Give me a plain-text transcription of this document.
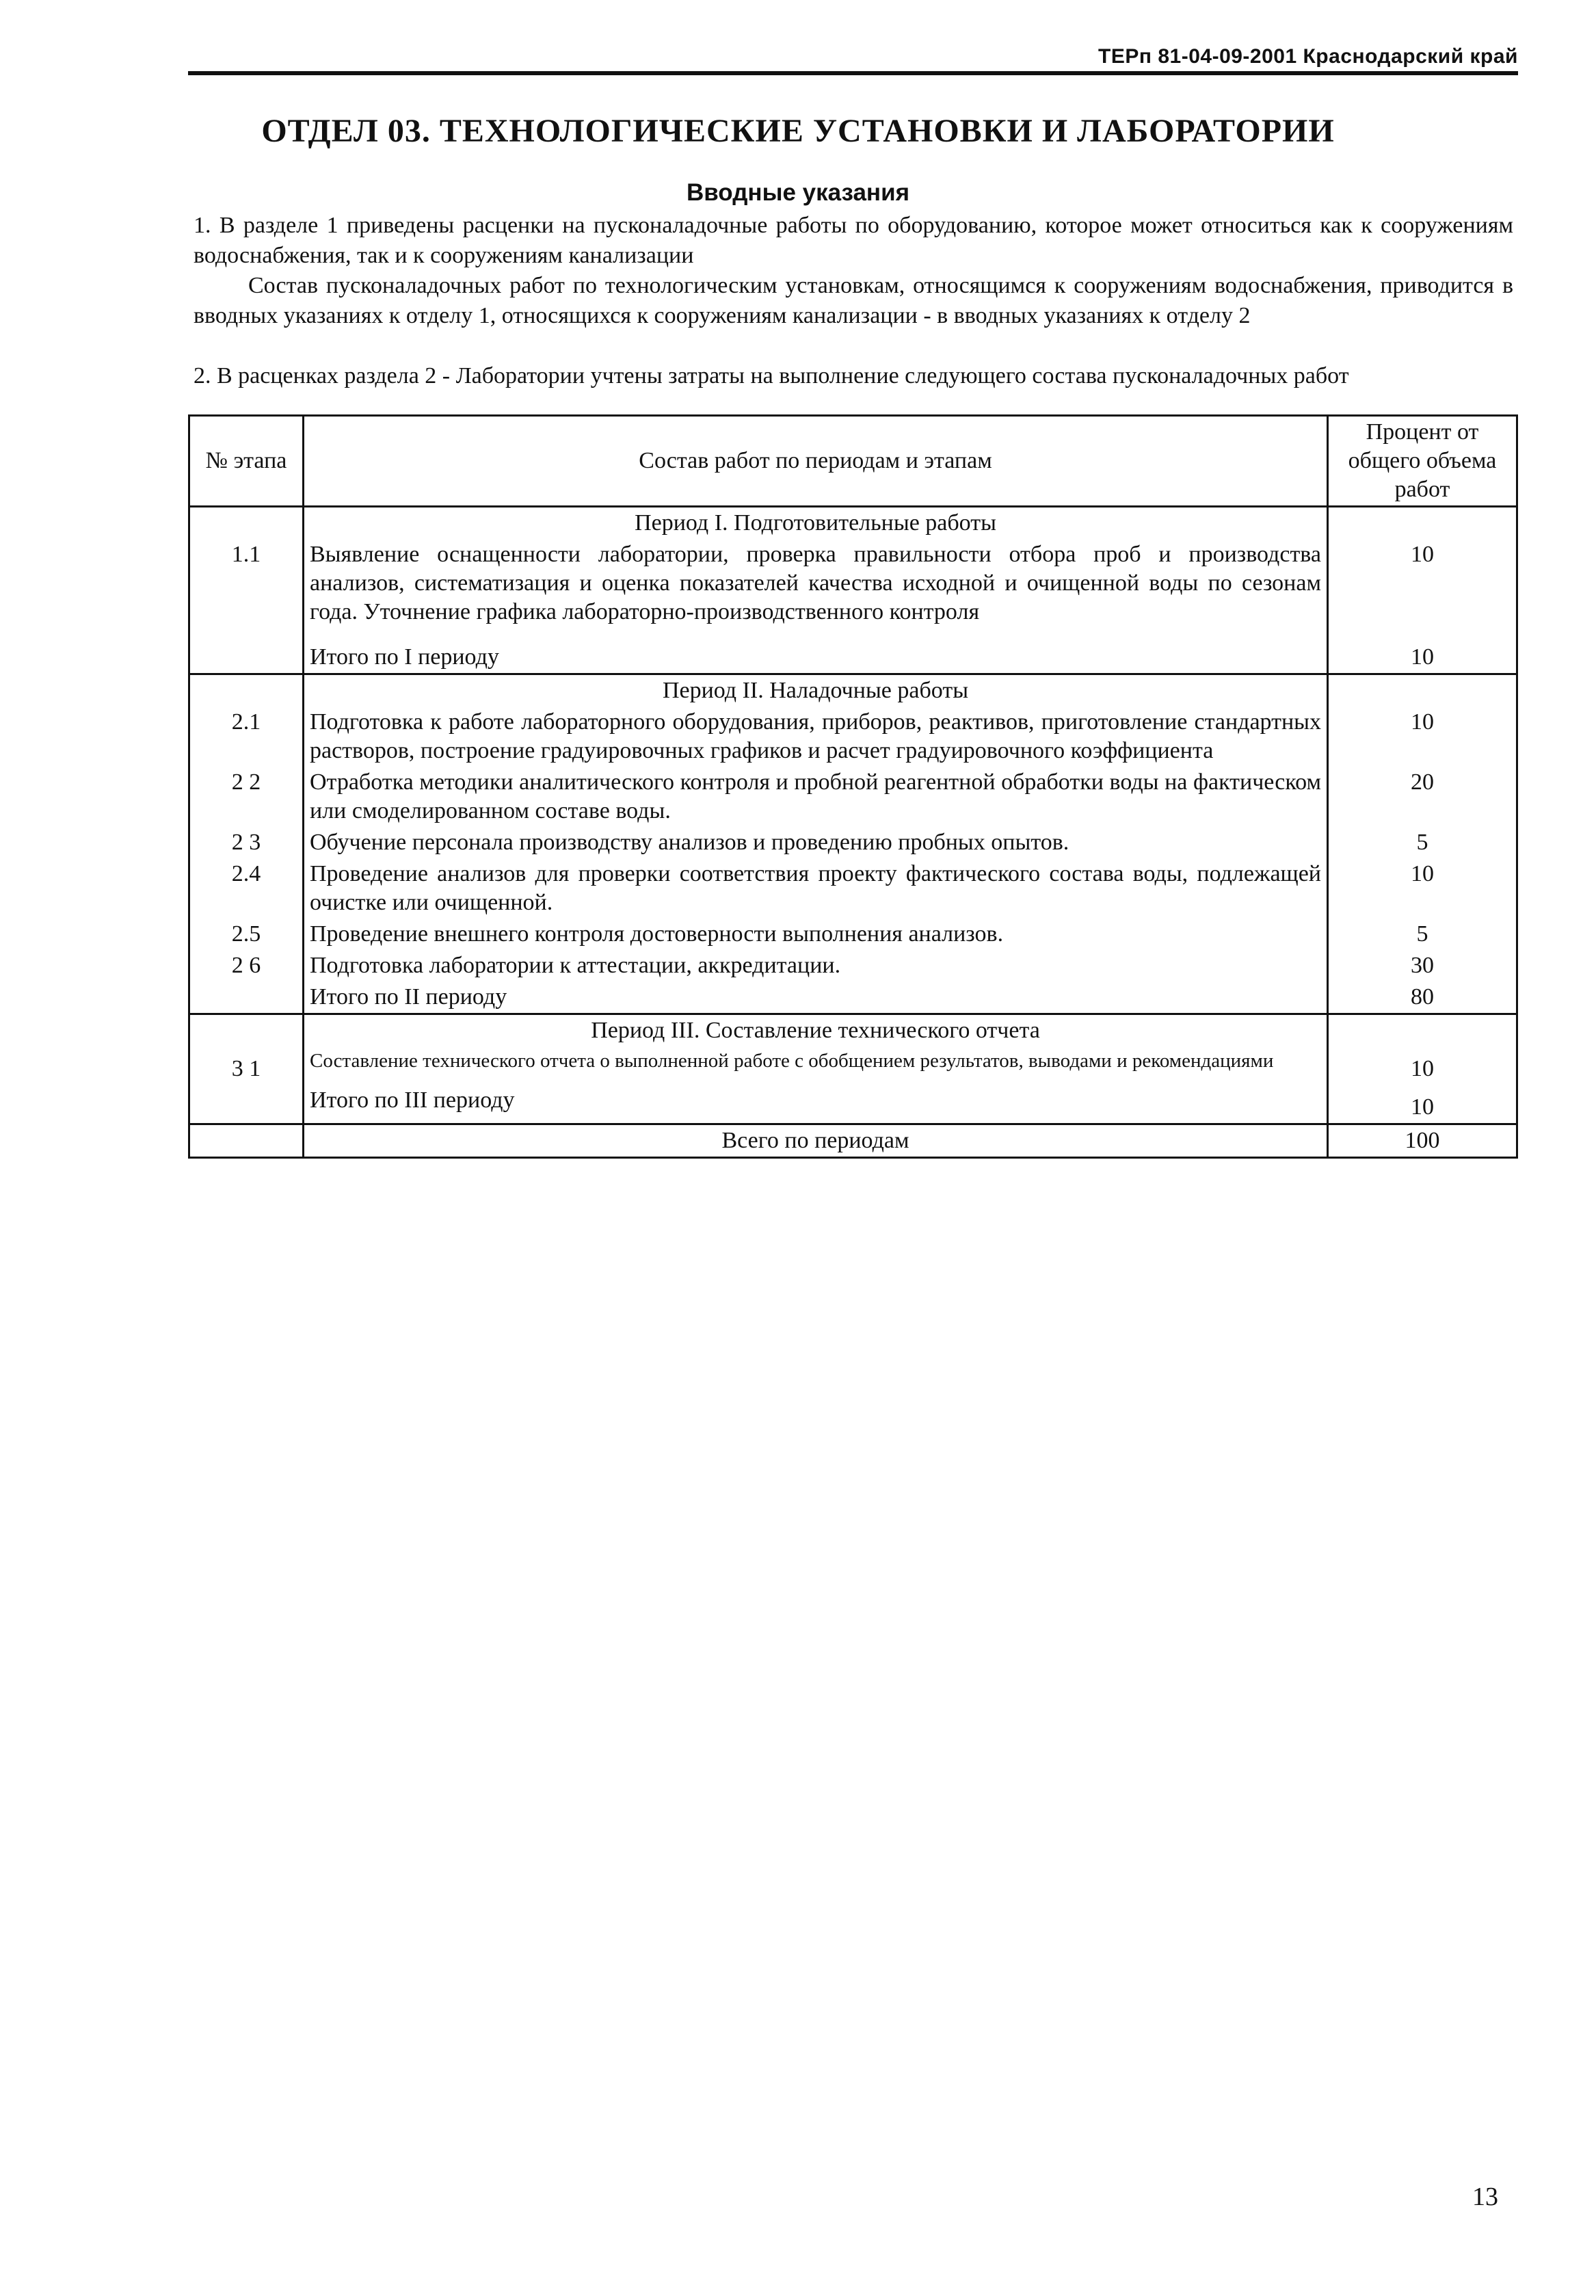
ТЕРп 81-04-09-2001 Краснодарский край
ОТДЕЛ 03. ТЕХНОЛОГИЧЕСКИЕ УСТАНОВКИ И ЛАБОРАТОРИИ
Вводные указания
1. В разделе 1 приведены расценки на пусконаладочные работы по оборудованию, которое может относиться как к сооружениям водоснабжения, так и к сооружениям канализации
Состав пусконаладочных работ по технологическим установкам, относящимся к сооружениям водоснабжения, приводится в вводных указаниях к отделу 1, относящихся к сооружениям канализации - в вводных указаниях к отделу 2
2. В расценках раздела 2 - Лаборатории учтены затраты на выполнение следующего состава пусконаладочных работ
№ этапа	Состав работ по периодам и этапам	Процент от общего объема работ
	Период I. Подготовительные работы	
1.1	Выявление оснащенности лаборатории, проверка правильности отбора проб и производства анализов, систематизация и оценка показателей качества исходной и очищенной воды по сезонам года. Уточнение графика лабораторно-производственного контроля	10
	Итого по I периоду	10
	Период II. Наладочные работы	
2.1	Подготовка к работе лабораторного оборудования, приборов, реактивов, приготовление стандартных растворов, построение градуировочных графиков и расчет градуировочного коэффициента	10
2 2	Отработка методики аналитического контроля и пробной реагентной обработки воды на фактическом или смоделированном составе воды.	20
2 3	Обучение персонала производству анализов и проведению пробных опытов.	5
2.4	Проведение анализов для проверки соответствия проекту фактического состава воды, подлежащей очистке или очищенной.	10
2.5	Проведение внешнего контроля достоверности выполнения анализов.	5
2 6	Подготовка лаборатории к аттестации, аккредитации.	30
	Итого по II периоду	80
	Период III. Составление технического отчета	
3 1	Составление технического отчета о выполненной работе с обобщением результатов, выводами и рекомендациями	10
	Итого по III периоду	10
	Всего по периодам	100
13
